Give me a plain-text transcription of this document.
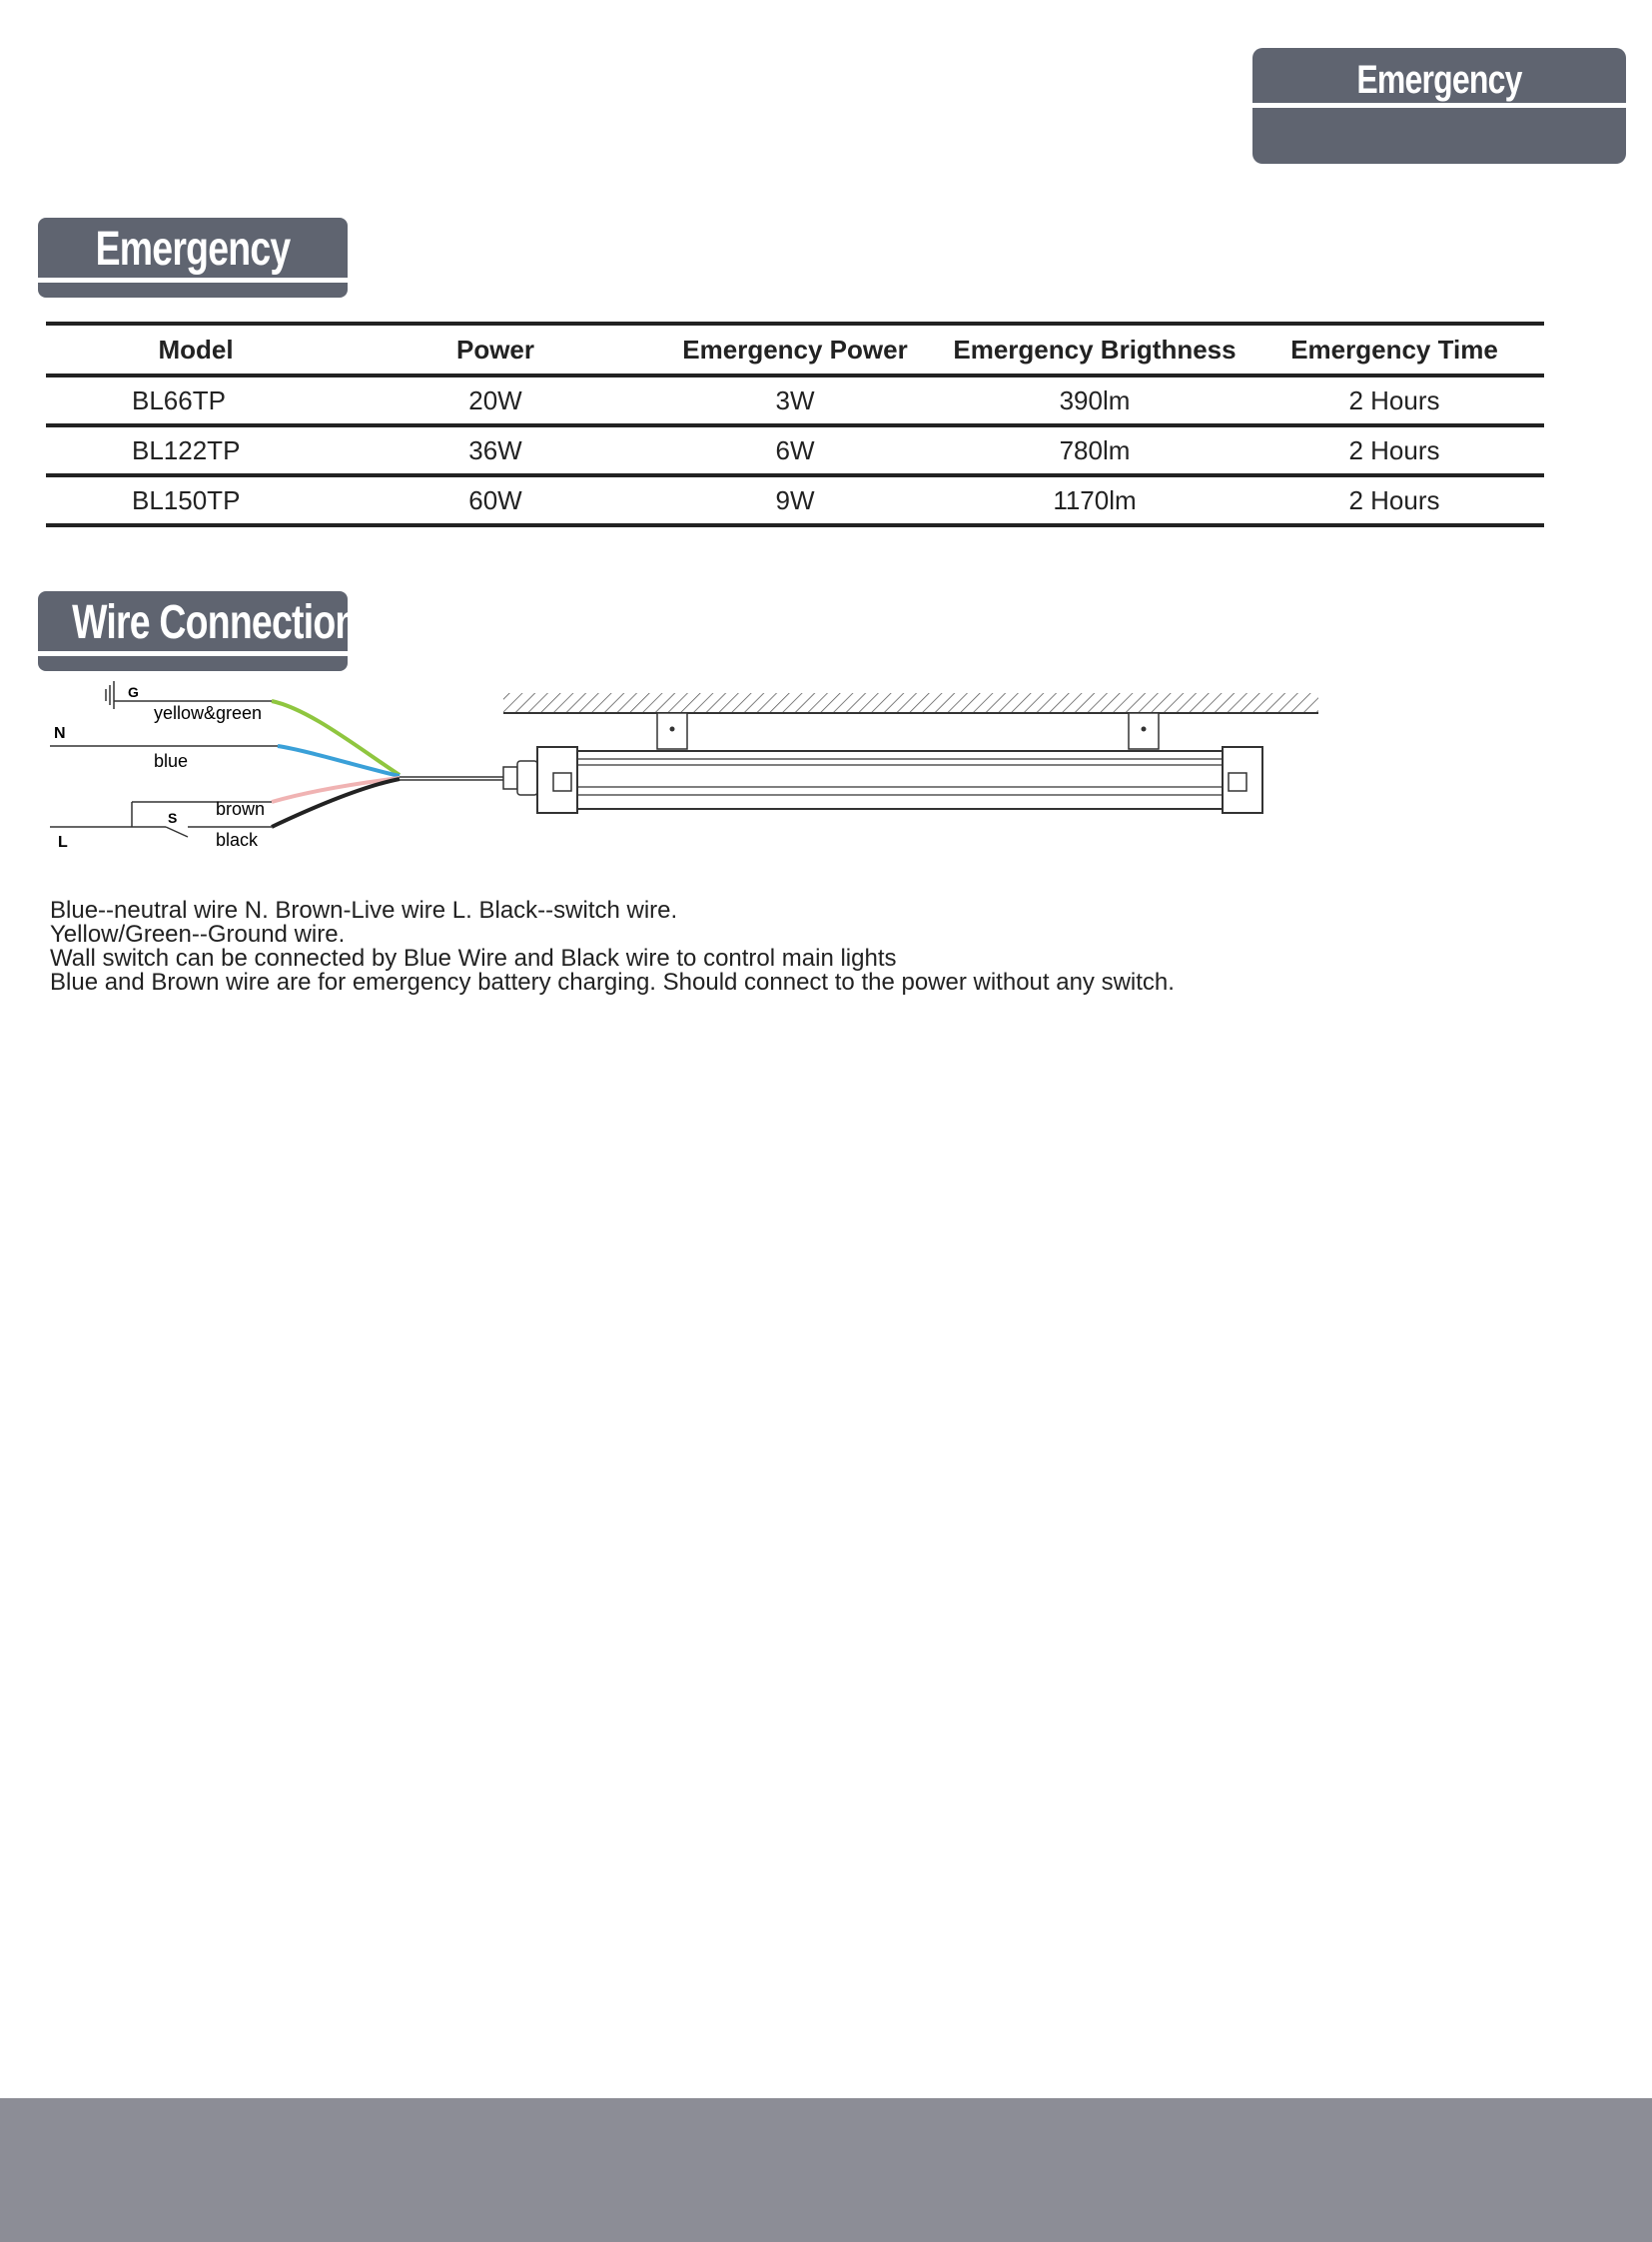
Emergency
Emergency
Model	Power	Emergency Power	Emergency Brigthness	Emergency Time
BL66TP	20W	3W	390lm	2 Hours
BL122TP	36W	6W	780lm	2 Hours
BL150TP	60W	9W	1170lm	2 Hours
Wire Connection
G
yellow&green
N
blue
S
L
brown
black

Blue--neutral wire N. Brown-Live wire L. Black--switch wire.

Yellow/Green--Ground wire.

Wall switch can be connected by Blue Wire and Black wire to control main lights

Blue and Brown wire are for emergency battery charging. Should connect to the power without any switch.
